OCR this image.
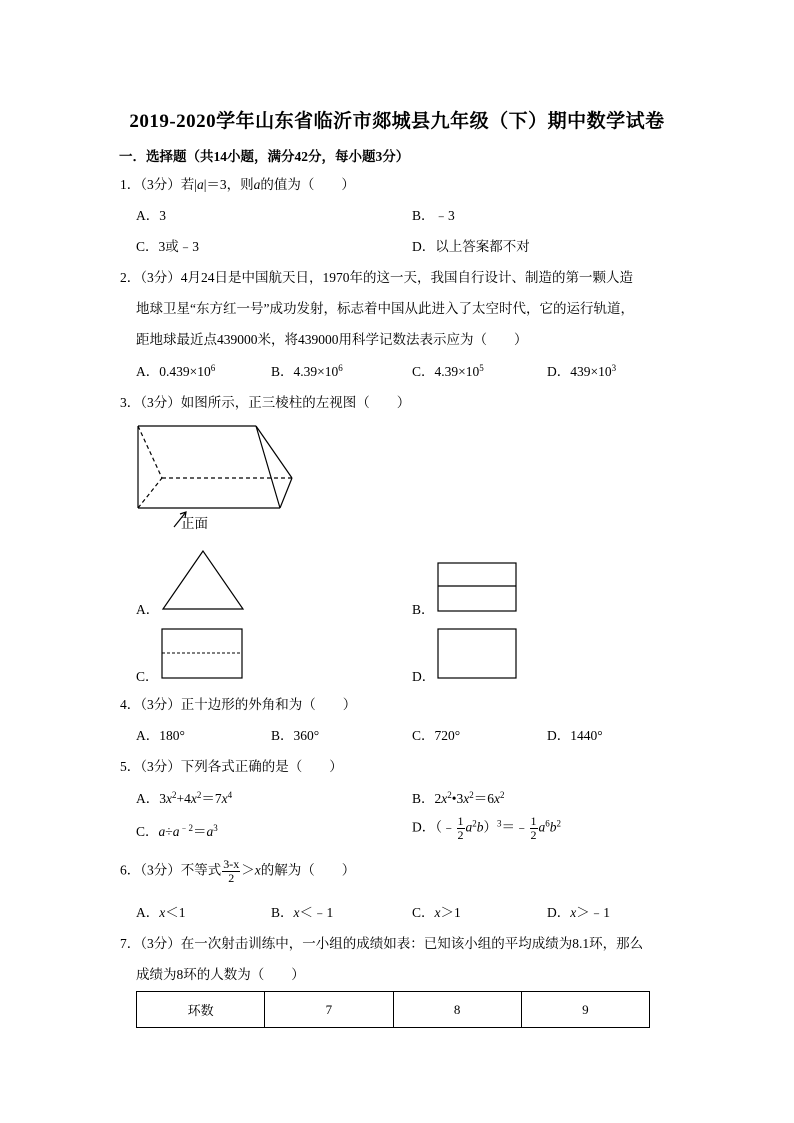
2019-2020学年山东省临沂市郯城县九年级（下）期中数学试卷
一．选择题（共14小题，满分42分，每小题3分）
1．（3分）若|a|＝3，则a的值为（　　）
A．3	B．﹣3
C．3或﹣3	D．以上答案都不对
2．（3分）4月24日是中国航天日，1970年的这一天，我国自行设计、制造的第一颗人造
地球卫星“东方红一号”成功发射，标志着中国从此进入了太空时代，它的运行轨道，
距地球最近点439000米，将439000用科学记数法表示应为（　　）
A．$0.439\times 10^6$	B．$4.39\times 10^6$	C．$4.39\times 10^5$	D．$439\times 10^3$
3．（3分）如图所示，正三棱柱的左视图（　　）
正面
A．	B．
C．	D．
4．（3分）正十边形的外角和为（　　）
A．180°	B．360°	C．720°	D．1440°
5．（3分）下列各式正确的是（　　）
A．$3x^2+4x^2=7x^4$	B．$2x^2•3x^2=6x^2$
C．$a\div a^{﹣2}=a^3$	D．（﹣ $\frac{1}{2}$ $a^2b)^3=﹣ \frac{1}{2} a^6b^2$
6．（3分）不等式 $\frac{3-x}{2} >x$的解为（　　）
A．x＜1	B．x＜﹣1	C．x＞1	D．x＞﹣1
7．（3分）在一次射击训练中，一小组的成绩如表：已知该小组的平均成绩为8.1环，那么
成绩为8环的人数为（　　）
环数	7	8	9
